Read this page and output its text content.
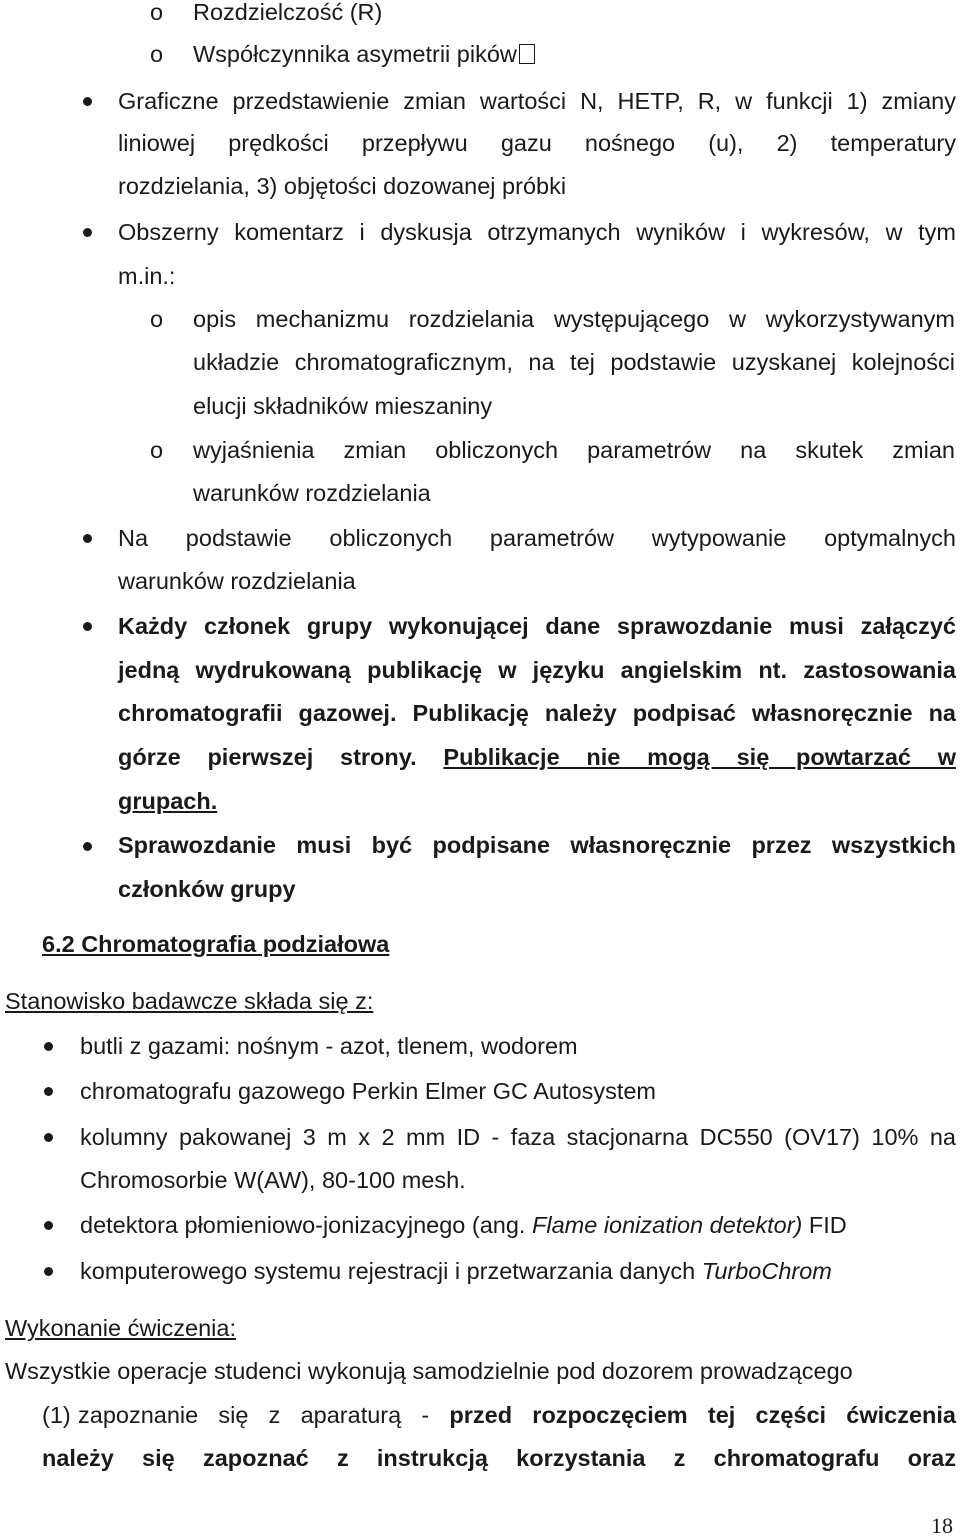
o Rozdzielczość (R)
o Współczynnika asymetrii pików
Graficzne przedstawienie zmian wartości N, HETP, R, w funkcji 1) zmiany
liniowej prędkości przepływu gazu nośnego (u), 2) temperatury
rozdzielania, 3) objętości dozowanej próbki
Obszerny komentarz i dyskusja otrzymanych wyników i wykresów, w tym
m.in.:
o opis mechanizmu rozdzielania występującego w wykorzystywanym
układzie chromatograficznym, na tej podstawie uzyskanej kolejności
elucji składników mieszaniny
o wyjaśnienia zmian obliczonych parametrów na skutek zmian
warunków rozdzielania
Na podstawie obliczonych parametrów wytypowanie optymalnych
warunków rozdzielania
Każdy członek grupy wykonującej dane sprawozdanie musi załączyć
jedną wydrukowaną publikację w języku angielskim nt. zastosowania
chromatografii gazowej. Publikację należy podpisać własnoręcznie na
górze pierwszej strony. Publikacje nie mogą się powtarzać w
grupach.
Sprawozdanie musi być podpisane własnoręcznie przez wszystkich
członków grupy
6.2 Chromatografia podziałowa
Stanowisko badawcze składa się z:
butli z gazami: nośnym - azot, tlenem, wodorem
chromatografu gazowego Perkin Elmer GC Autosystem
kolumny pakowanej 3 m x 2 mm ID - faza stacjonarna DC550 (OV17) 10% na
Chromosorbie W(AW), 80-100 mesh.
detektora płomieniowo-jonizacyjnego (ang. Flame ionization detektor) FID
komputerowego systemu rejestracji i przetwarzania danych TurboChrom
Wykonanie ćwiczenia:
Wszystkie operacje studenci wykonują samodzielnie pod dozorem prowadzącego
(1) zapoznanie się z aparaturą - przed rozpoczęciem tej części ćwiczenia
należy się zapoznać z instrukcją korzystania z chromatografu oraz
18
